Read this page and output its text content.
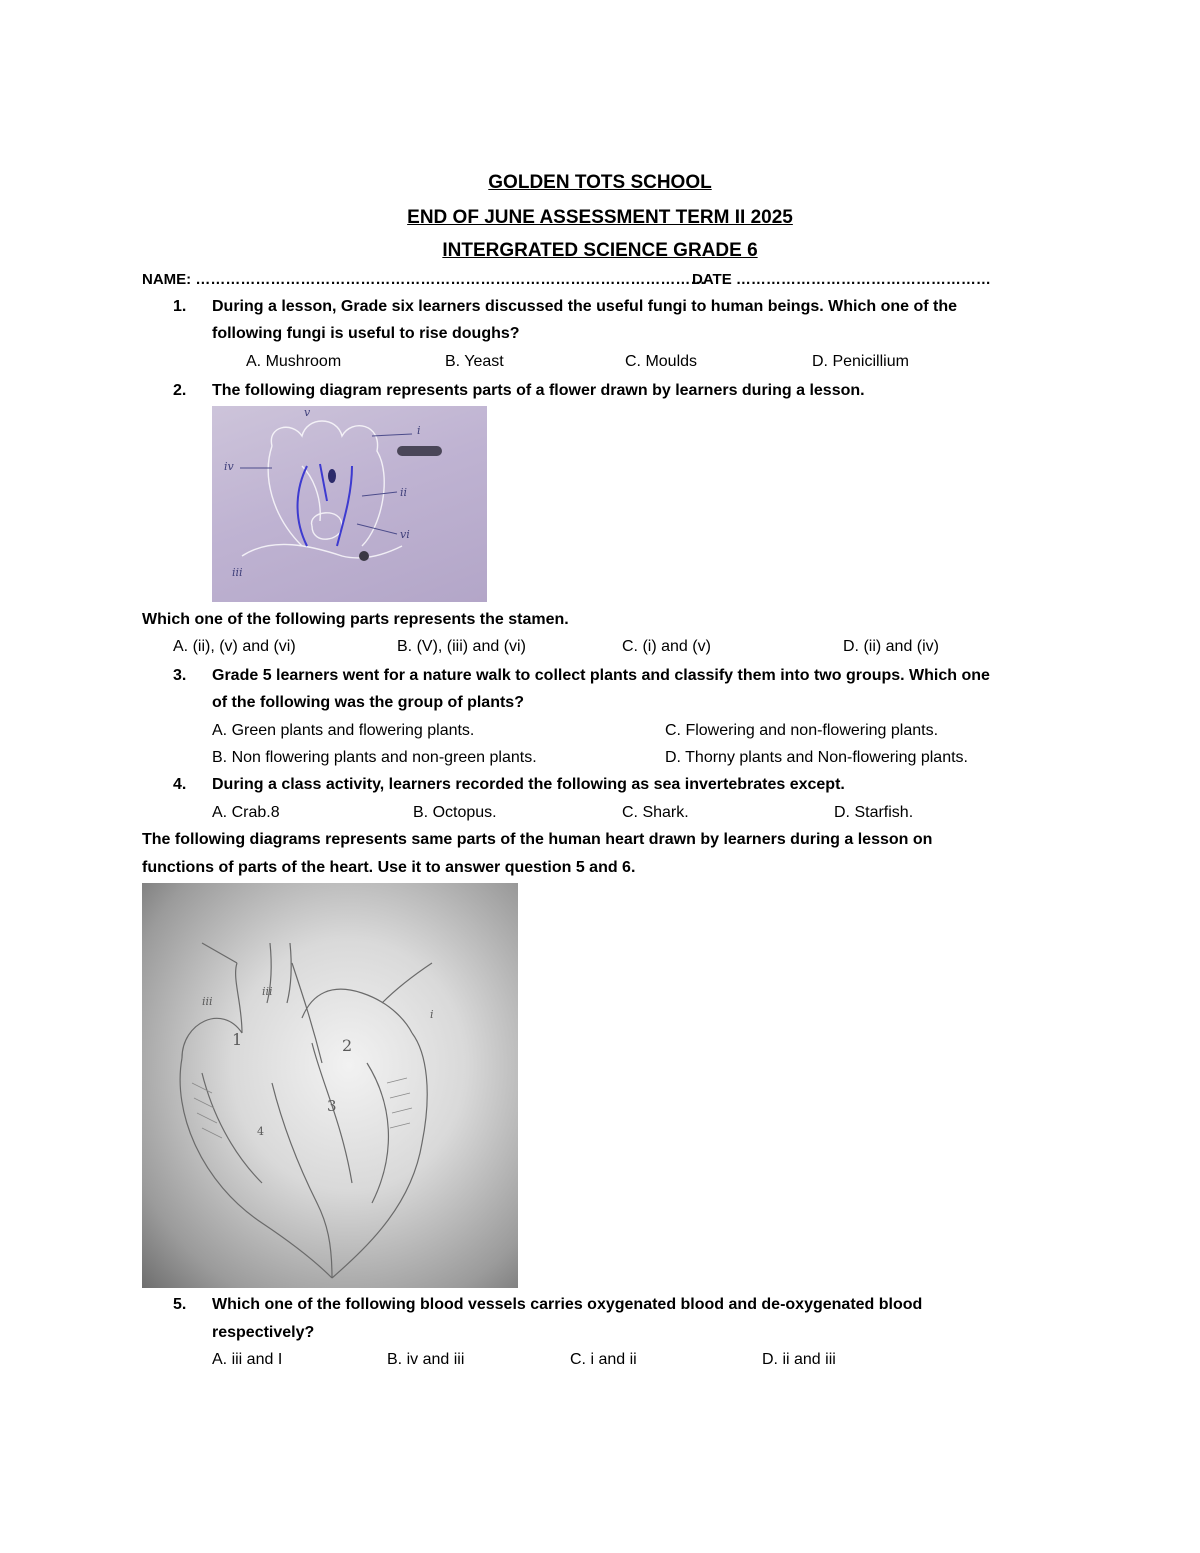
GOLDEN TOTS SCHOOL
END OF JUNE ASSESSMENT TERM II 2025
INTERGRATED SCIENCE GRADE 6
NAME: …………………………………………………………………………………………
DATE ……………………………………………
1. During a lesson, Grade six learners discussed the useful fungi to human beings. Which one of the
following fungi is useful to rise doughs?
A. Mushroom	B. Yeast	C. Moulds	D. Penicillium
2. The following diagram represents parts of a flower drawn by learners during a lesson.
i
v
iv
ii
vi
iii
Which one of the following parts represents the stamen.
A. (ii), (v) and (vi)	B. (V), (iii) and (vi)	C. (i) and (v)	D. (ii) and (iv)
3. Grade 5 learners went for a nature walk to collect plants and classify them into two groups. Which one
of the following was the group of plants?
A. Green plants and flowering plants.	C. Flowering and non-flowering plants.
B. Non flowering plants and non-green plants.	D. Thorny plants and Non-flowering plants.
4. During a class activity, learners recorded the following as sea invertebrates except.
A. Crab.8	B. Octopus.	C. Shark.	D. Starfish.
The following diagrams represents same parts of the human heart drawn by learners during a lesson on
functions of parts of the heart. Use it to answer question 5 and 6.
iii
iii
i
1	2
3
4
5. Which one of the following blood vessels carries oxygenated blood and de-oxygenated blood
respectively?
A. iii and I	B. iv and iii	C. i and ii	D. ii and iii
